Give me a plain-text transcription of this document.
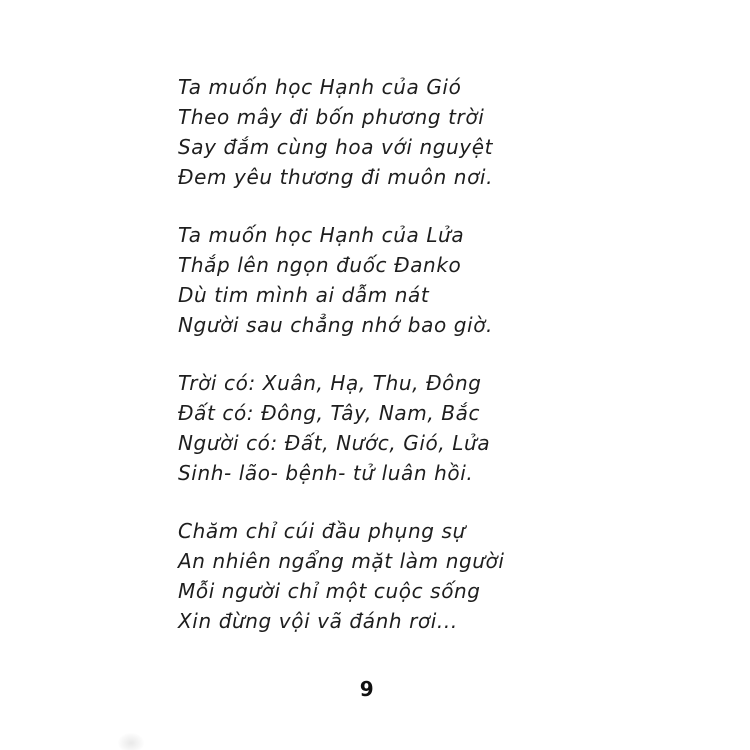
Ta muốn học Hạnh của Gió

Theo mây đi bốn phương trời

Say đắm cùng hoa với nguyệt

Đem yêu thương đi muôn nơi.

Ta muốn học Hạnh của Lửa

Thắp lên ngọn đuốc Đanko

Dù tim mình ai dẫm nát

Người sau chẳng nhớ bao giờ.

Trời có: Xuân, Hạ, Thu, Đông

Đất có: Đông, Tây, Nam, Bắc

Người có: Đất, Nước, Gió, Lửa

Sinh- lão- bệnh- tử luân hồi.

Chăm chỉ cúi đầu phụng sự

An nhiên ngẩng mặt làm người

Mỗi người chỉ một cuộc sống

Xin đừng vội vã đánh rơi...

9
